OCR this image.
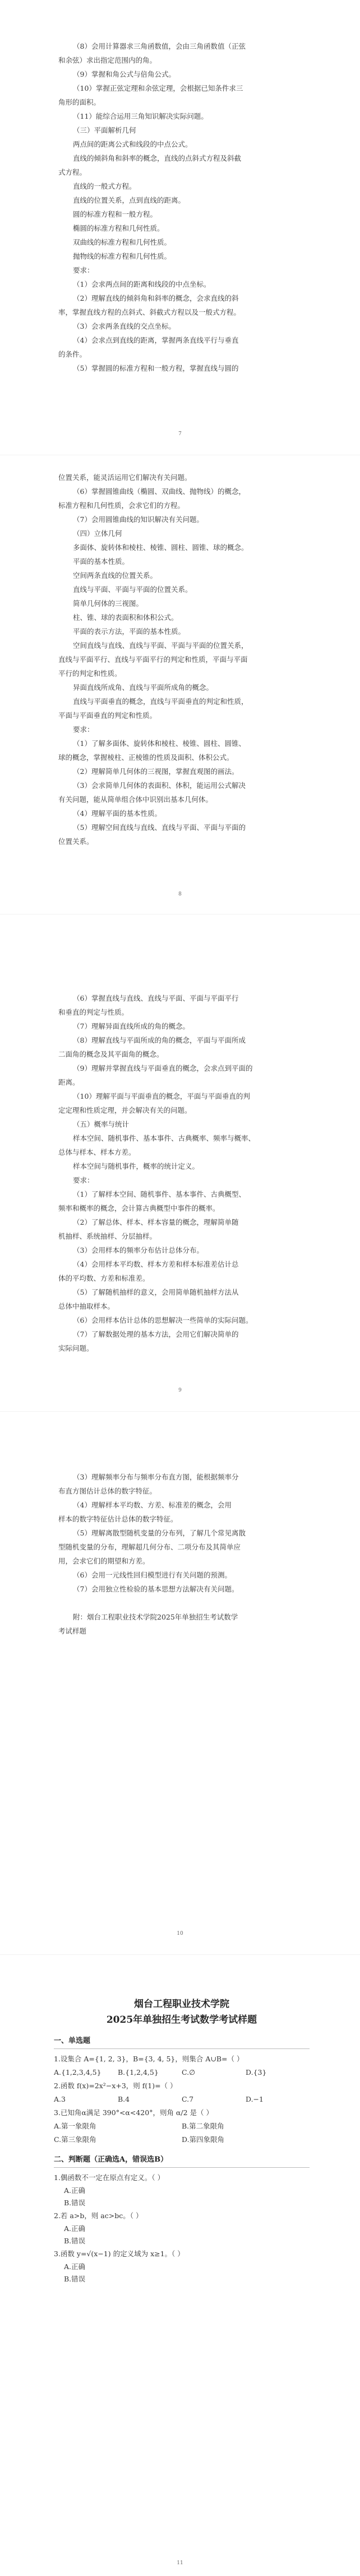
（8）会用计算器求三角函数值，会由三角函数值（正弦
和余弦）求出指定范围内的角。
（9）掌握和角公式与倍角公式。
（10）掌握正弦定理和余弦定理，会根据已知条件求三
角形的面积。
（11）能综合运用三角知识解决实际问题。
（三）平面解析几何
两点间的距离公式和线段的中点公式。
直线的倾斜角和斜率的概念，直线的点斜式方程及斜截
式方程。
直线的一般式方程。
直线的位置关系，点到直线的距离。
圆的标准方程和一般方程。
椭圆的标准方程和几何性质。
双曲线的标准方程和几何性质。
抛物线的标准方程和几何性质。
要求：
（1）会求两点间的距离和线段的中点坐标。
（2）理解直线的倾斜角和斜率的概念，会求直线的斜
率，掌握直线方程的点斜式、斜截式方程以及一般式方程。
（3）会求两条直线的交点坐标。
（4）会求点到直线的距离，掌握两条直线平行与垂直
的条件。
（5）掌握圆的标准方程和一般方程，掌握直线与圆的
7
位置关系，能灵活运用它们解决有关问题。
（6）掌握圆锥曲线（椭圆、双曲线、抛物线）的概念，
标准方程和几何性质，会求它们的方程。
（7）会用圆锥曲线的知识解决有关问题。
（四）立体几何
多面体、旋转体和棱柱、棱锥、圆柱、圆锥、球的概念。
平面的基本性质。
空间两条直线的位置关系。
直线与平面、平面与平面的位置关系。
简单几何体的三视图。
柱、锥、球的表面积和体积公式。
平面的表示方法，平面的基本性质。
空间直线与直线、直线与平面、平面与平面的位置关系，
直线与平面平行、直线与平面平行的判定和性质，平面与平面
平行的判定和性质。
异面直线所成角、直线与平面所成角的概念。
直线与平面垂直的概念，直线与平面垂直的判定和性质，
平面与平面垂直的判定和性质。
要求：
（1）了解多面体、旋转体和棱柱、棱锥、圆柱、圆锥、
球的概念，掌握棱柱、正棱锥的性质及面积、体积公式。
（2）理解简单几何体的三视图，掌握直观图的画法。
（3）会求简单几何体的表面积、体积，能运用公式解决
有关问题，能从简单组合体中识别出基本几何体。
（4）理解平面的基本性质。
（5）理解空间直线与直线、直线与平面、平面与平面的
位置关系。
8
（6）掌握直线与直线、直线与平面、平面与平面平行
和垂直的判定与性质。
（7）理解异面直线所成的角的概念。
（8）理解直线与平面所成的角的概念，平面与平面所成
二面角的概念及其平面角的概念。
（9）理解并掌握直线与平面垂直的概念，会求点到平面的
距离。
（10）理解平面与平面垂直的概念，平面与平面垂直的判
定定理和性质定理，并会解决有关的问题。
（五）概率与统计
样本空间、随机事件、基本事件、古典概率、频率与概率、
总体与样本、样本方差。
样本空间与随机事件，概率的统计定义。
要求：
（1）了解样本空间、随机事件、基本事件、古典概型、
频率和概率的概念，会计算古典概型中事件的概率。
（2）了解总体、样本、样本容量的概念，理解简单随
机抽样、系统抽样、分层抽样。
（3）会用样本的频率分布估计总体分布。
（4）会用样本平均数、样本方差和样本标准差估计总
体的平均数、方差和标准差。
（5）了解随机抽样的意义，会用简单随机抽样方法从
总体中抽取样本。
（6）会用样本估计总体的思想解决一些简单的实际问题。
（7）了解数据处理的基本方法，会用它们解决简单的
实际问题。
9
（3）理解频率分布与频率分布直方图，能根据频率分
布直方图估计总体的数字特征。
（4）理解样本平均数、方差、标准差的概念，会用
样本的数字特征估计总体的数字特征。
（5）理解离散型随机变量的分布列，了解几个常见离散
型随机变量的分布，理解超几何分布、二项分布及其简单应
用，会求它们的期望和方差。
（6）会用一元线性回归模型进行有关问题的预测。
（7）会用独立性检验的基本思想方法解决有关问题。
附：烟台工程职业技术学院2025年单独招生考试数学
考试样题
10
烟台工程职业技术学院
2025年单独招生考试数学考试样题
一、单选题
1.设集合 A={1, 2, 3}，B={3, 4, 5}，则集合 A∪B=（ ）
A.{1,2,3,4,5}	B.{1,2,4,5}	C.∅	D.{3}
2.函数 f(x)=2x²−x+3，则 f(1)=（ ）
A.3	B.4	C.7	D.−1
3.已知角α满足 390°<α<420°，则角 α/2 是（ ）
A.第一象限角	B.第二象限角
C.第三象限角	D.第四象限角
二、判断题（正确选A，错误选B）
1.偶函数不一定在原点有定义。（ ）
A.正确
B.错误
2.若 a>b，则 ac>bc。（ ）
A.正确
B.错误
3.函数 y=√(x−1) 的定义域为 x≥1。（ ）
A.正确
B.错误
11
